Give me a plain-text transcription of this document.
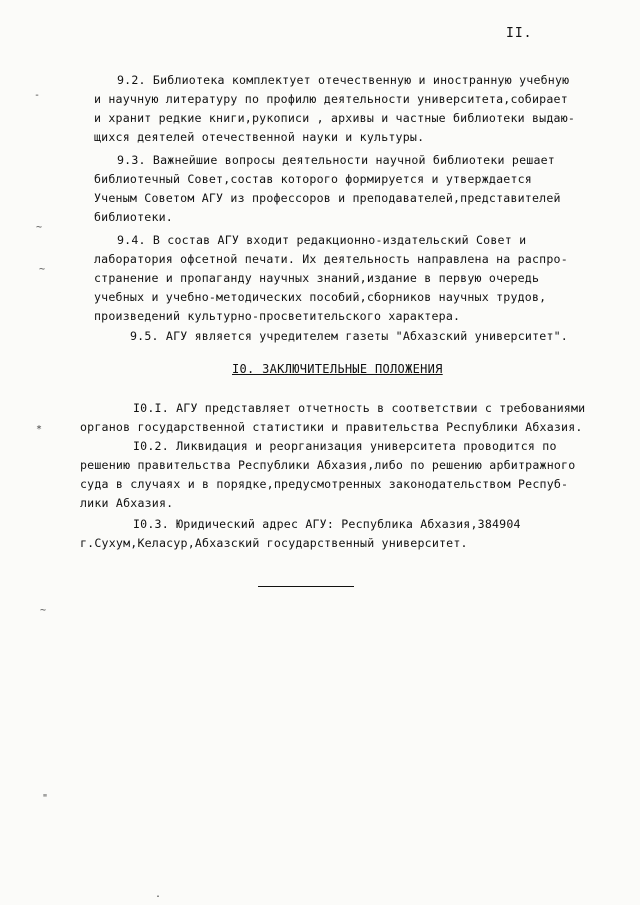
II.
9.2. Библиотека комплектует отечественную и иностранную учебную
и научную литературу по профилю деятельности университета,собирает
и хранит редкие книги,рукописи , архивы и частные библиотеки выдаю-
щихся деятелей отечественной науки и культуры.
9.3. Важнейшие вопросы деятельности научной библиотеки решает
библиотечный Совет,состав которого формируется и утверждается
Ученым Советом АГУ из профессоров и преподавателей,представителей
библиотеки.
9.4. В состав АГУ входит редакционно-издательский Совет и
лаборатория офсетной печати. Их деятельность направлена на распро-
странение и пропаганду научных знаний,издание в первую очередь
учебных и учебно-методических пособий,сборников научных трудов,
произведений культурно-просветительского характера.
9.5. АГУ является учредителем газеты "Абхазский университет".
I0. ЗАКЛЮЧИТЕЛЬНЫЕ ПОЛОЖЕНИЯ
I0.I. АГУ представляет отчетность в соответствии с требованиями
органов государственной статистики и правительства Республики Абхазия.
I0.2. Ликвидация и реорганизация университета проводится по
решению правительства Республики Абхазия,либо по решению арбитражного
суда в случаях и в порядке,предусмотренных законодательством Респуб-
лики Абхазия.
I0.3. Юридический адрес АГУ: Республика Абхазия,384904
г.Сухум,Келасур,Абхазский государственный университет.
-
~
~
*
~
"
.
